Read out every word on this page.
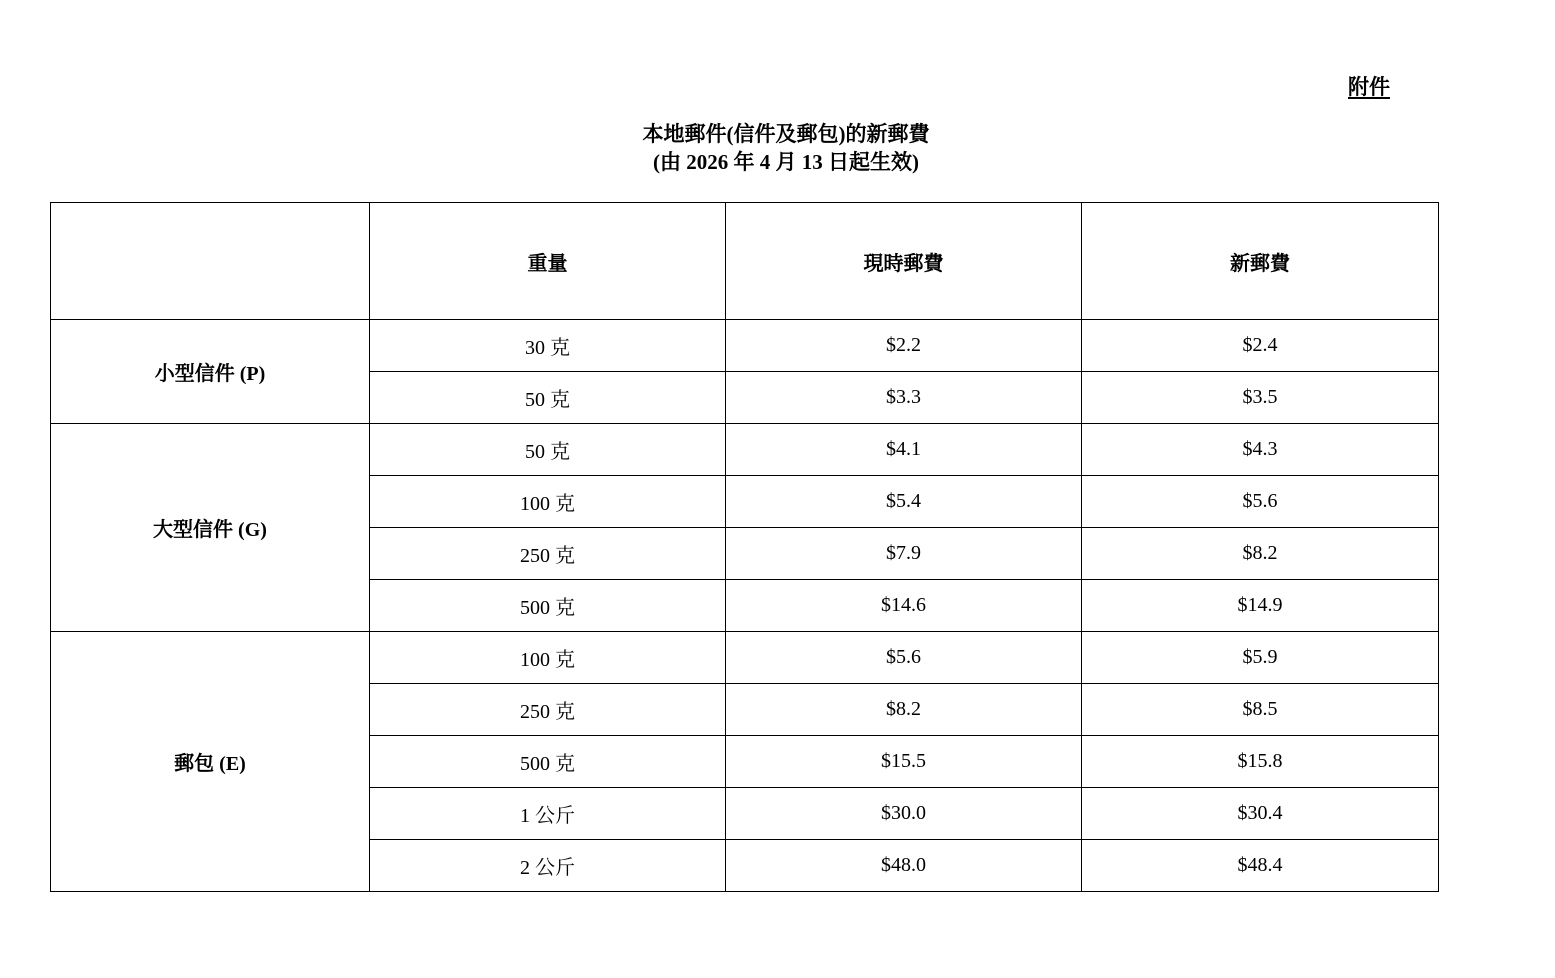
附件
本地郵件(信件及郵包)的新郵費
(由 2026 年 4 月 13 日起生效)
	重量	現時郵費	新郵費
小型信件 (P)	30 克	$2.2	$2.4
	50 克	$3.3	$3.5
大型信件 (G)	50 克	$4.1	$4.3
	100 克	$5.4	$5.6
	250 克	$7.9	$8.2
	500 克	$14.6	$14.9
郵包 (E)	100 克	$5.6	$5.9
	250 克	$8.2	$8.5
	500 克	$15.5	$15.8
	1 公斤	$30.0	$30.4
	2 公斤	$48.0	$48.4
